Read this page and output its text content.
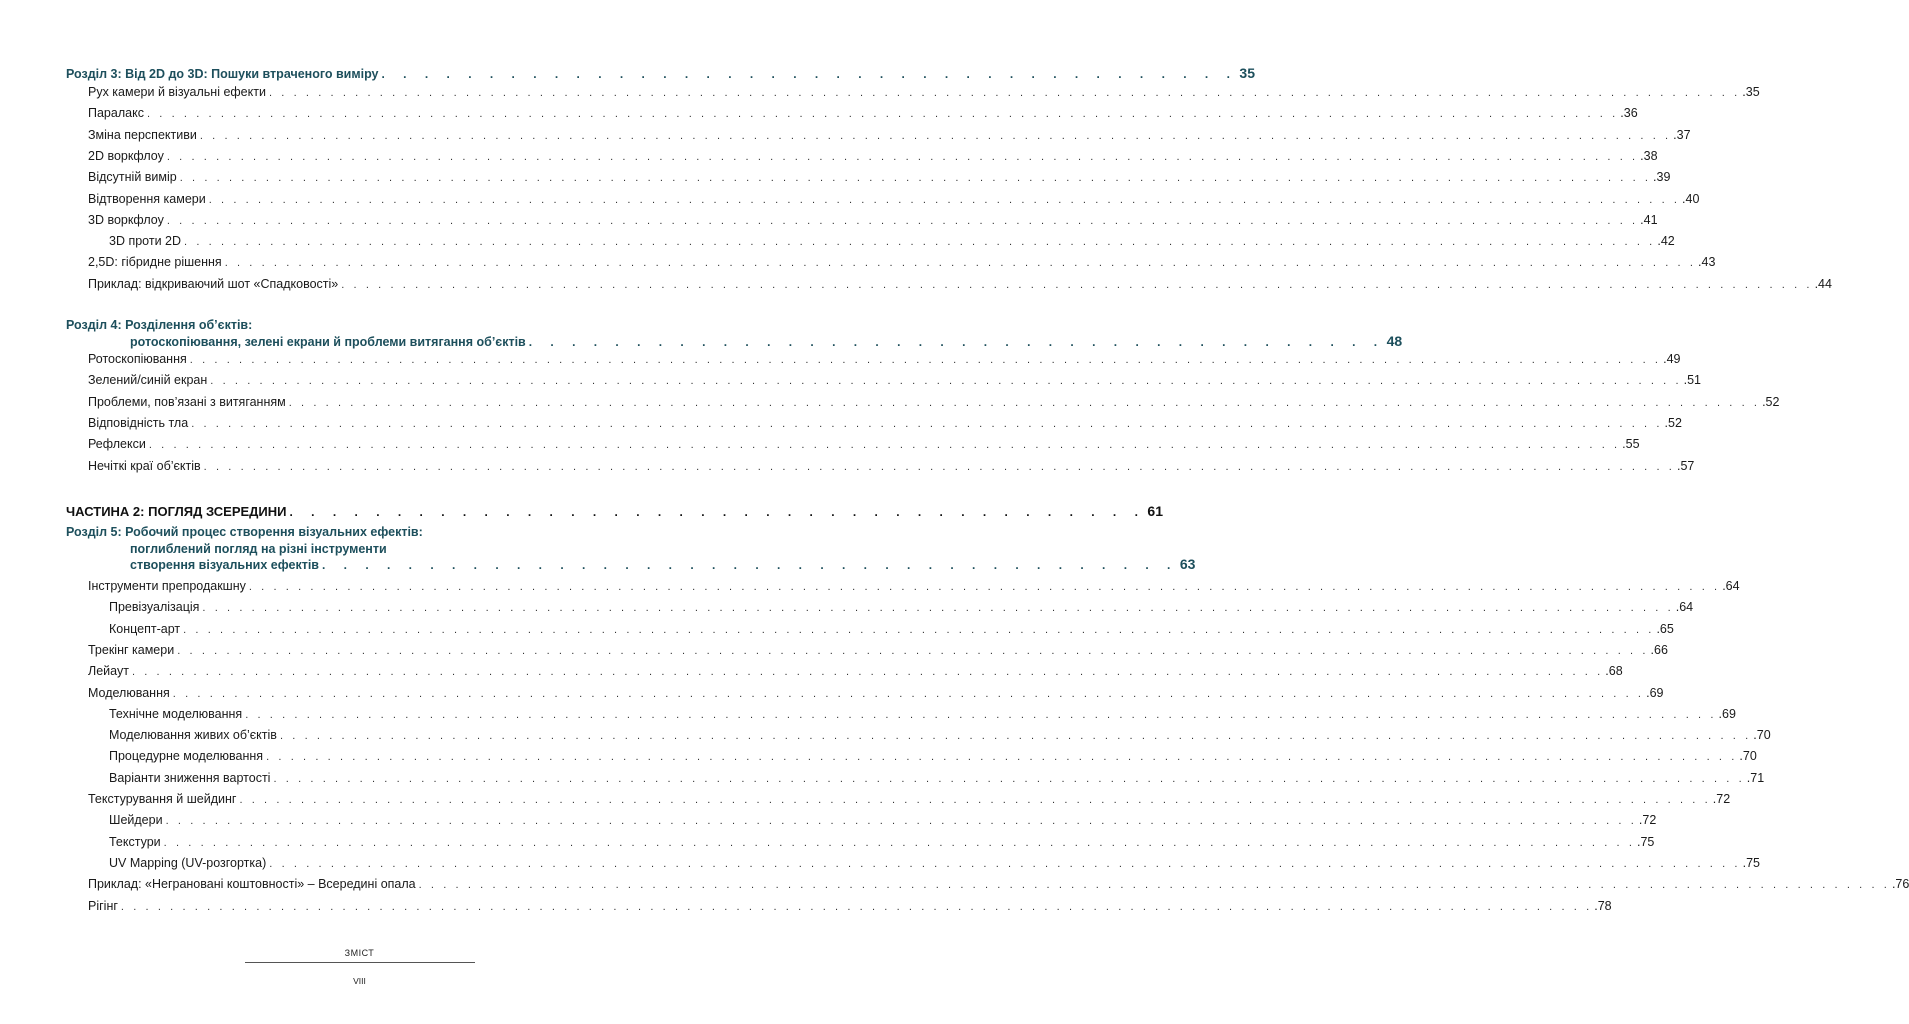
Розділ 3: Від 2D до 3D: Пошуки втраченого виміру . . . . . . . . . . . . . . . . . . . . . . . . . . . . . . . . . . . . . . . . 35
Рух камери й візуальні ефекти . . . . . . . . . . . . . . . . . . . . . . . . . . . . . . . . . . . . . . . . . . . . . . . . . . . . . . . . . . . . . . . . . . . . . . . . . . . . . . . . . . . . . . . . . . . . . . . . . . . . . . . . . . . . . . . . . . . . . . . . .35
Паралакс . . . . . . . . . . . . . . . . . . . . . . . . . . . . . . . . . . . . . . . . . . . . . . . . . . . . . . . . . . . . . . . . . . . . . . . . . . . . . . . . . . . . . . . . . . . . . . . . . . . . . . . . . . . . . . . . . . . . . . . . .36
Зміна перспективи . . . . . . . . . . . . . . . . . . . . . . . . . . . . . . . . . . . . . . . . . . . . . . . . . . . . . . . . . . . . . . . . . . . . . . . . . . . . . . . . . . . . . . . . . . . . . . . . . . . . . . . . . . . . . . . . . . . . . . . . .37
2D воркфлоу . . . . . . . . . . . . . . . . . . . . . . . . . . . . . . . . . . . . . . . . . . . . . . . . . . . . . . . . . . . . . . . . . . . . . . . . . . . . . . . . . . . . . . . . . . . . . . . . . . . . . . . . . . . . . . . . . . . . . . . . .38
Відсутній вимір . . . . . . . . . . . . . . . . . . . . . . . . . . . . . . . . . . . . . . . . . . . . . . . . . . . . . . . . . . . . . . . . . . . . . . . . . . . . . . . . . . . . . . . . . . . . . . . . . . . . . . . . . . . . . . . . . . . . . . . . .39
Відтворення камери . . . . . . . . . . . . . . . . . . . . . . . . . . . . . . . . . . . . . . . . . . . . . . . . . . . . . . . . . . . . . . . . . . . . . . . . . . . . . . . . . . . . . . . . . . . . . . . . . . . . . . . . . . . . . . . . . . . . . . . . .40
3D воркфлоу . . . . . . . . . . . . . . . . . . . . . . . . . . . . . . . . . . . . . . . . . . . . . . . . . . . . . . . . . . . . . . . . . . . . . . . . . . . . . . . . . . . . . . . . . . . . . . . . . . . . . . . . . . . . . . . . . . . . . . . . .41
3D проти 2D . . . . . . . . . . . . . . . . . . . . . . . . . . . . . . . . . . . . . . . . . . . . . . . . . . . . . . . . . . . . . . . . . . . . . . . . . . . . . . . . . . . . . . . . . . . . . . . . . . . . . . . . . . . . . . . . . . . . . . . . .42
2,5D: гібридне рішення . . . . . . . . . . . . . . . . . . . . . . . . . . . . . . . . . . . . . . . . . . . . . . . . . . . . . . . . . . . . . . . . . . . . . . . . . . . . . . . . . . . . . . . . . . . . . . . . . . . . . . . . . . . . . . . . . . . . . . . . .43
Приклад: відкриваючий шот «Спадковості» . . . . . . . . . . . . . . . . . . . . . . . . . . . . . . . . . . . . . . . . . . . . . . . . . . . . . . . . . . . . . . . . . . . . . . . . . . . . . . . . . . . . . . . . . . . . . . . . . . . . . . . . . . . . . . . . . . . . . . . . .44
Розділ 4: Розділення об’єктів:
ротоскопіювання, зелені екрани й проблеми витягання об’єктів . . . . . . . . . . . . . . . . . . . . . . . . . . . . . . . . . . . . . . . . 48
Ротоскопіювання . . . . . . . . . . . . . . . . . . . . . . . . . . . . . . . . . . . . . . . . . . . . . . . . . . . . . . . . . . . . . . . . . . . . . . . . . . . . . . . . . . . . . . . . . . . . . . . . . . . . . . . . . . . . . . . . . . . . . . . . .49
Зелений/синій екран . . . . . . . . . . . . . . . . . . . . . . . . . . . . . . . . . . . . . . . . . . . . . . . . . . . . . . . . . . . . . . . . . . . . . . . . . . . . . . . . . . . . . . . . . . . . . . . . . . . . . . . . . . . . . . . . . . . . . . . . .51
Проблеми, пов’язані з витяганням . . . . . . . . . . . . . . . . . . . . . . . . . . . . . . . . . . . . . . . . . . . . . . . . . . . . . . . . . . . . . . . . . . . . . . . . . . . . . . . . . . . . . . . . . . . . . . . . . . . . . . . . . . . . . . . . . . . . . . . . .52
Відповідність тла . . . . . . . . . . . . . . . . . . . . . . . . . . . . . . . . . . . . . . . . . . . . . . . . . . . . . . . . . . . . . . . . . . . . . . . . . . . . . . . . . . . . . . . . . . . . . . . . . . . . . . . . . . . . . . . . . . . . . . . . .52
Рефлекси . . . . . . . . . . . . . . . . . . . . . . . . . . . . . . . . . . . . . . . . . . . . . . . . . . . . . . . . . . . . . . . . . . . . . . . . . . . . . . . . . . . . . . . . . . . . . . . . . . . . . . . . . . . . . . . . . . . . . . . . .55
Нечіткі краї об’єктів . . . . . . . . . . . . . . . . . . . . . . . . . . . . . . . . . . . . . . . . . . . . . . . . . . . . . . . . . . . . . . . . . . . . . . . . . . . . . . . . . . . . . . . . . . . . . . . . . . . . . . . . . . . . . . . . . . . . . . . . .57
ЧАСТИНА 2: ПОГЛЯД ЗСЕРЕДИНИ . . . . . . . . . . . . . . . . . . . . . . . . . . . . . . . . . . . . . . . . 61
Розділ 5: Робочий процес створення візуальних ефектів:
поглиблений погляд на різні інструменти
створення візуальних ефектів . . . . . . . . . . . . . . . . . . . . . . . . . . . . . . . . . . . . . . . . 63
Інструменти препродакшну . . . . . . . . . . . . . . . . . . . . . . . . . . . . . . . . . . . . . . . . . . . . . . . . . . . . . . . . . . . . . . . . . . . . . . . . . . . . . . . . . . . . . . . . . . . . . . . . . . . . . . . . . . . . . . . . . . . . . . . . .64
Превізуалізація . . . . . . . . . . . . . . . . . . . . . . . . . . . . . . . . . . . . . . . . . . . . . . . . . . . . . . . . . . . . . . . . . . . . . . . . . . . . . . . . . . . . . . . . . . . . . . . . . . . . . . . . . . . . . . . . . . . . . . . . .64
Концепт-арт . . . . . . . . . . . . . . . . . . . . . . . . . . . . . . . . . . . . . . . . . . . . . . . . . . . . . . . . . . . . . . . . . . . . . . . . . . . . . . . . . . . . . . . . . . . . . . . . . . . . . . . . . . . . . . . . . . . . . . . . .65
Трекінг камери . . . . . . . . . . . . . . . . . . . . . . . . . . . . . . . . . . . . . . . . . . . . . . . . . . . . . . . . . . . . . . . . . . . . . . . . . . . . . . . . . . . . . . . . . . . . . . . . . . . . . . . . . . . . . . . . . . . . . . . . .66
Лейаут . . . . . . . . . . . . . . . . . . . . . . . . . . . . . . . . . . . . . . . . . . . . . . . . . . . . . . . . . . . . . . . . . . . . . . . . . . . . . . . . . . . . . . . . . . . . . . . . . . . . . . . . . . . . . . . . . . . . . . . . .68
Моделювання . . . . . . . . . . . . . . . . . . . . . . . . . . . . . . . . . . . . . . . . . . . . . . . . . . . . . . . . . . . . . . . . . . . . . . . . . . . . . . . . . . . . . . . . . . . . . . . . . . . . . . . . . . . . . . . . . . . . . . . . .69
Технічне моделювання . . . . . . . . . . . . . . . . . . . . . . . . . . . . . . . . . . . . . . . . . . . . . . . . . . . . . . . . . . . . . . . . . . . . . . . . . . . . . . . . . . . . . . . . . . . . . . . . . . . . . . . . . . . . . . . . . . . . . . . . .69
Моделювання живих об’єктів . . . . . . . . . . . . . . . . . . . . . . . . . . . . . . . . . . . . . . . . . . . . . . . . . . . . . . . . . . . . . . . . . . . . . . . . . . . . . . . . . . . . . . . . . . . . . . . . . . . . . . . . . . . . . . . . . . . . . . . . .70
Процедурне моделювання . . . . . . . . . . . . . . . . . . . . . . . . . . . . . . . . . . . . . . . . . . . . . . . . . . . . . . . . . . . . . . . . . . . . . . . . . . . . . . . . . . . . . . . . . . . . . . . . . . . . . . . . . . . . . . . . . . . . . . . . .70
Варіанти зниження вартості . . . . . . . . . . . . . . . . . . . . . . . . . . . . . . . . . . . . . . . . . . . . . . . . . . . . . . . . . . . . . . . . . . . . . . . . . . . . . . . . . . . . . . . . . . . . . . . . . . . . . . . . . . . . . . . . . . . . . . . . .71
Текстурування й шейдинг . . . . . . . . . . . . . . . . . . . . . . . . . . . . . . . . . . . . . . . . . . . . . . . . . . . . . . . . . . . . . . . . . . . . . . . . . . . . . . . . . . . . . . . . . . . . . . . . . . . . . . . . . . . . . . . . . . . . . . . . .72
Шейдери . . . . . . . . . . . . . . . . . . . . . . . . . . . . . . . . . . . . . . . . . . . . . . . . . . . . . . . . . . . . . . . . . . . . . . . . . . . . . . . . . . . . . . . . . . . . . . . . . . . . . . . . . . . . . . . . . . . . . . . . .72
Текстури . . . . . . . . . . . . . . . . . . . . . . . . . . . . . . . . . . . . . . . . . . . . . . . . . . . . . . . . . . . . . . . . . . . . . . . . . . . . . . . . . . . . . . . . . . . . . . . . . . . . . . . . . . . . . . . . . . . . . . . . .75
UV Mapping (UV-розгортка) . . . . . . . . . . . . . . . . . . . . . . . . . . . . . . . . . . . . . . . . . . . . . . . . . . . . . . . . . . . . . . . . . . . . . . . . . . . . . . . . . . . . . . . . . . . . . . . . . . . . . . . . . . . . . . . . . . . . . . . . .75
Приклад: «Неграновані коштовності» – Всередині опала . . . . . . . . . . . . . . . . . . . . . . . . . . . . . . . . . . . . . . . . . . . . . . . . . . . . . . . . . . . . . . . . . . . . . . . . . . . . . . . . . . . . . . . . . . . . . . . . . . . . . . . . . . . . . . . . . . . . . . . . .76
Рігінг . . . . . . . . . . . . . . . . . . . . . . . . . . . . . . . . . . . . . . . . . . . . . . . . . . . . . . . . . . . . . . . . . . . . . . . . . . . . . . . . . . . . . . . . . . . . . . . . . . . . . . . . . . . . . . . . . . . . . . . . .78
ЗМІСТ
VIII
